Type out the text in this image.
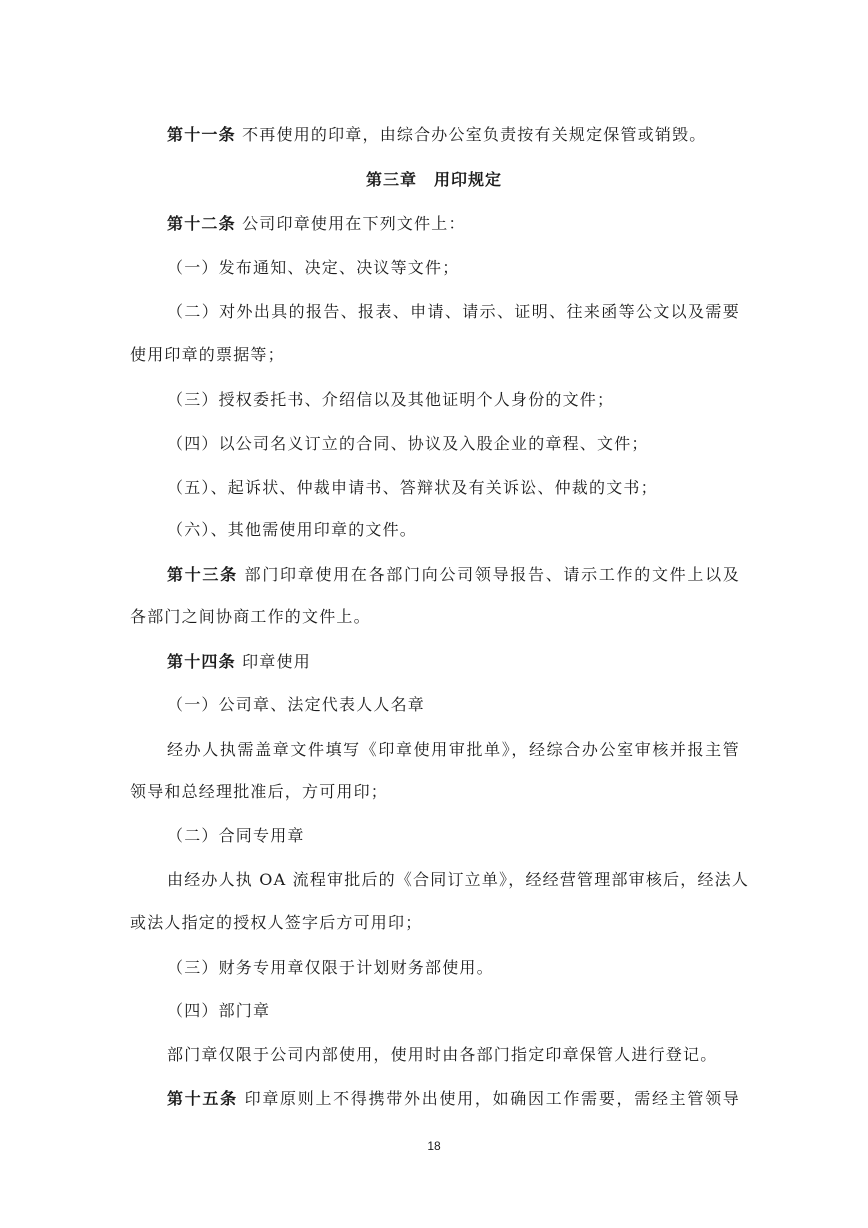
第十一条 不再使用的印章，由综合办公室负责按有关规定保管或销毁。
第三章　用印规定
第十二条 公司印章使用在下列文件上：
（一）发布通知、决定、决议等文件；
（二）对外出具的报告、报表、申请、请示、证明、往来函等公文以及需要
使用印章的票据等；
（三）授权委托书、介绍信以及其他证明个人身份的文件；
（四）以公司名义订立的合同、协议及入股企业的章程、文件；
（五）、起诉状、仲裁申请书、答辩状及有关诉讼、仲裁的文书；
（六）、其他需使用印章的文件。
第十三条 部门印章使用在各部门向公司领导报告、请示工作的文件上以及
各部门之间协商工作的文件上。
第十四条 印章使用
（一）公司章、法定代表人人名章
经办人执需盖章文件填写《印章使用审批单》，经综合办公室审核并报主管
领导和总经理批准后，方可用印；
（二）合同专用章
由经办人执 OA 流程审批后的《合同订立单》，经经营管理部审核后，经法人
或法人指定的授权人签字后方可用印；
（三）财务专用章仅限于计划财务部使用。
（四）部门章
部门章仅限于公司内部使用，使用时由各部门指定印章保管人进行登记。
第十五条 印章原则上不得携带外出使用，如确因工作需要，需经主管领导
18
